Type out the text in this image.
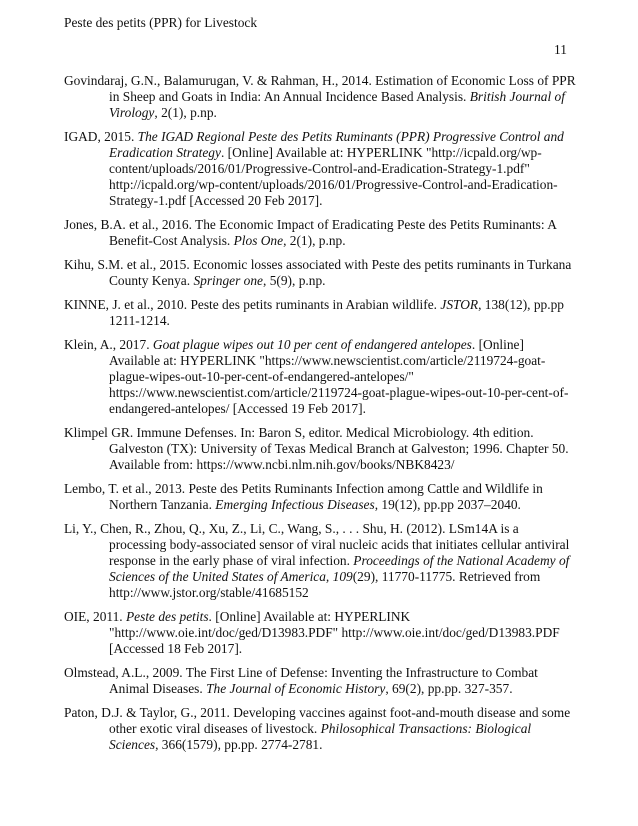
Peste des petits (PPR) for Livestock
11
Govindaraj, G.N., Balamurugan, V. & Rahman, H., 2014. Estimation of Economic Loss of PPR in Sheep and Goats in India: An Annual Incidence Based Analysis. British Journal of Virology, 2(1), p.np.
IGAD, 2015. The IGAD Regional Peste des Petits Ruminants (PPR) Progressive Control and Eradication Strategy. [Online] Available at: HYPERLINK "http://icpald.org/wp-content/uploads/2016/01/Progressive-Control-and-Eradication-Strategy-1.pdf" http://icpald.org/wp-content/uploads/2016/01/Progressive-Control-and-Eradication-Strategy-1.pdf [Accessed 20 Feb 2017].
Jones, B.A. et al., 2016. The Economic Impact of Eradicating Peste des Petits Ruminants: A Benefit-Cost Analysis. Plos One, 2(1), p.np.
Kihu, S.M. et al., 2015. Economic losses associated with Peste des petits ruminants in Turkana County Kenya. Springer one, 5(9), p.np.
KINNE, J. et al., 2010. Peste des petits ruminants in Arabian wildlife. JSTOR, 138(12), pp.pp 1211-1214.
Klein, A., 2017. Goat plague wipes out 10 per cent of endangered antelopes. [Online] Available at: HYPERLINK "https://www.newscientist.com/article/2119724-goat-plague-wipes-out-10-per-cent-of-endangered-antelopes/" https://www.newscientist.com/article/2119724-goat-plague-wipes-out-10-per-cent-of-endangered-antelopes/ [Accessed 19 Feb 2017].
Klimpel GR. Immune Defenses. In: Baron S, editor. Medical Microbiology. 4th edition. Galveston (TX): University of Texas Medical Branch at Galveston; 1996. Chapter 50. Available from: https://www.ncbi.nlm.nih.gov/books/NBK8423/
Lembo, T. et al., 2013. Peste des Petits Ruminants Infection among Cattle and Wildlife in Northern Tanzania. Emerging Infectious Diseases, 19(12), pp.pp 2037–2040.
Li, Y., Chen, R., Zhou, Q., Xu, Z., Li, C., Wang, S., . . . Shu, H. (2012). LSm14A is a processing body-associated sensor of viral nucleic acids that initiates cellular antiviral response in the early phase of viral infection. Proceedings of the National Academy of Sciences of the United States of America, 109(29), 11770-11775. Retrieved from http://www.jstor.org/stable/41685152
OIE, 2011. Peste des petits. [Online] Available at: HYPERLINK "http://www.oie.int/doc/ged/D13983.PDF" http://www.oie.int/doc/ged/D13983.PDF [Accessed 18 Feb 2017].
Olmstead, A.L., 2009. The First Line of Defense: Inventing the Infrastructure to Combat Animal Diseases. The Journal of Economic History, 69(2), pp.pp. 327-357.
Paton, D.J. & Taylor, G., 2011. Developing vaccines against foot-and-mouth disease and some other exotic viral diseases of livestock. Philosophical Transactions: Biological Sciences, 366(1579), pp.pp. 2774-2781.
